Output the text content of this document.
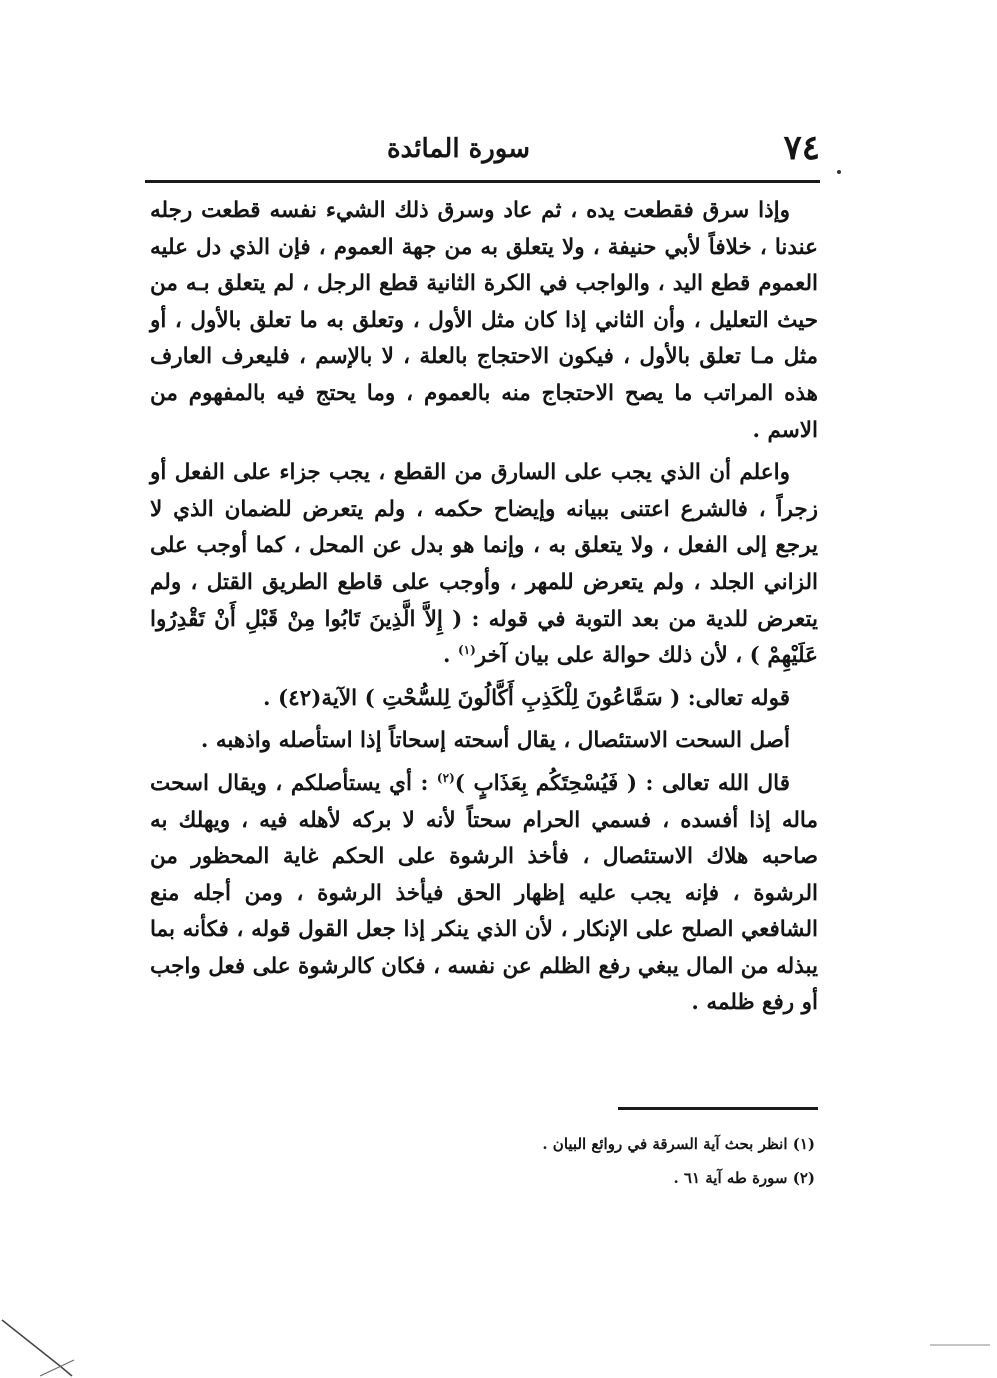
٧٤
سورة المائدة

وإذا سرق فقطعت يده ، ثم عاد وسرق ذلك الشيء نفسه قطعت رجله عندنا ، خلافاً لأبي حنيفة ، ولا يتعلق به من جهة العموم ، فإن الذي دل عليه العموم قطع اليد ، والواجب في الكرة الثانية قطع الرجل ، لم يتعلق بـه من حيث التعليل ، وأن الثاني إذا كان مثل الأول ، وتعلق به ما تعلق بالأول ، أو مثل مـا تعلق بالأول ، فيكون الاحتجاج بالعلة ، لا بالإسم ، فليعرف العارف هذه المراتب ما يصح الاحتجاج منه بالعموم ، وما يحتج فيه بالمفهوم من الاسم .

واعلم أن الذي يجب على السارق من القطع ، يجب جزاء على الفعل أو زجراً ، فالشرع اعتنى ببيانه وإيضاح حكمه ، ولم يتعرض للضمان الذي لا يرجع إلى الفعل ، ولا يتعلق به ، وإنما هو بدل عن المحل ، كما أوجب على الزاني الجلد ، ولم يتعرض للمهر ، وأوجب على قاطع الطريق القتل ، ولم يتعرض للدية من بعد التوبة في قوله : ( إِلاَّ الَّذِينَ تَابُوا مِنْ قَبْلِ أَنْ تَقْدِرُوا عَلَيْهِمْ ) ، لأن ذلك حوالة على بيان آخر$^{(١)}$ .

قوله تعالى: ( سَمَّاعُونَ لِلْكَذِبِ أَكَّالُونَ لِلسُّحْتِ ) الآية(٤٢) .

أصل السحت الاستئصال ، يقال أسحته إسحاتاً إذا استأصله واذهبه .

قال الله تعالى : ( فَيُسْحِتَكُم بِعَذَابٍ )$^{(٢)}$ : أي يستأصلكم ، ويقال اسحت ماله إذا أفسده ، فسمي الحرام سحتاً لأنه لا بركه لأهله فيه ، ويهلك به صاحبه هلاك الاستئصال ، فأخذ الرشوة على الحكم غاية المحظور من الرشوة ، فإنه يجب عليه إظهار الحق فيأخذ الرشوة ، ومن أجله منع الشافعي الصلح على الإنكار ، لأن الذي ينكر إذا جعل القول قوله ، فكأنه بما يبذله من المال يبغي رفع الظلم عن نفسه ، فكان كالرشوة على فعل واجب أو رفع ظلمه .

(١) انظر بحث آية السرقة في روائع البيان .
(٢) سورة طه آية ٦١ .
